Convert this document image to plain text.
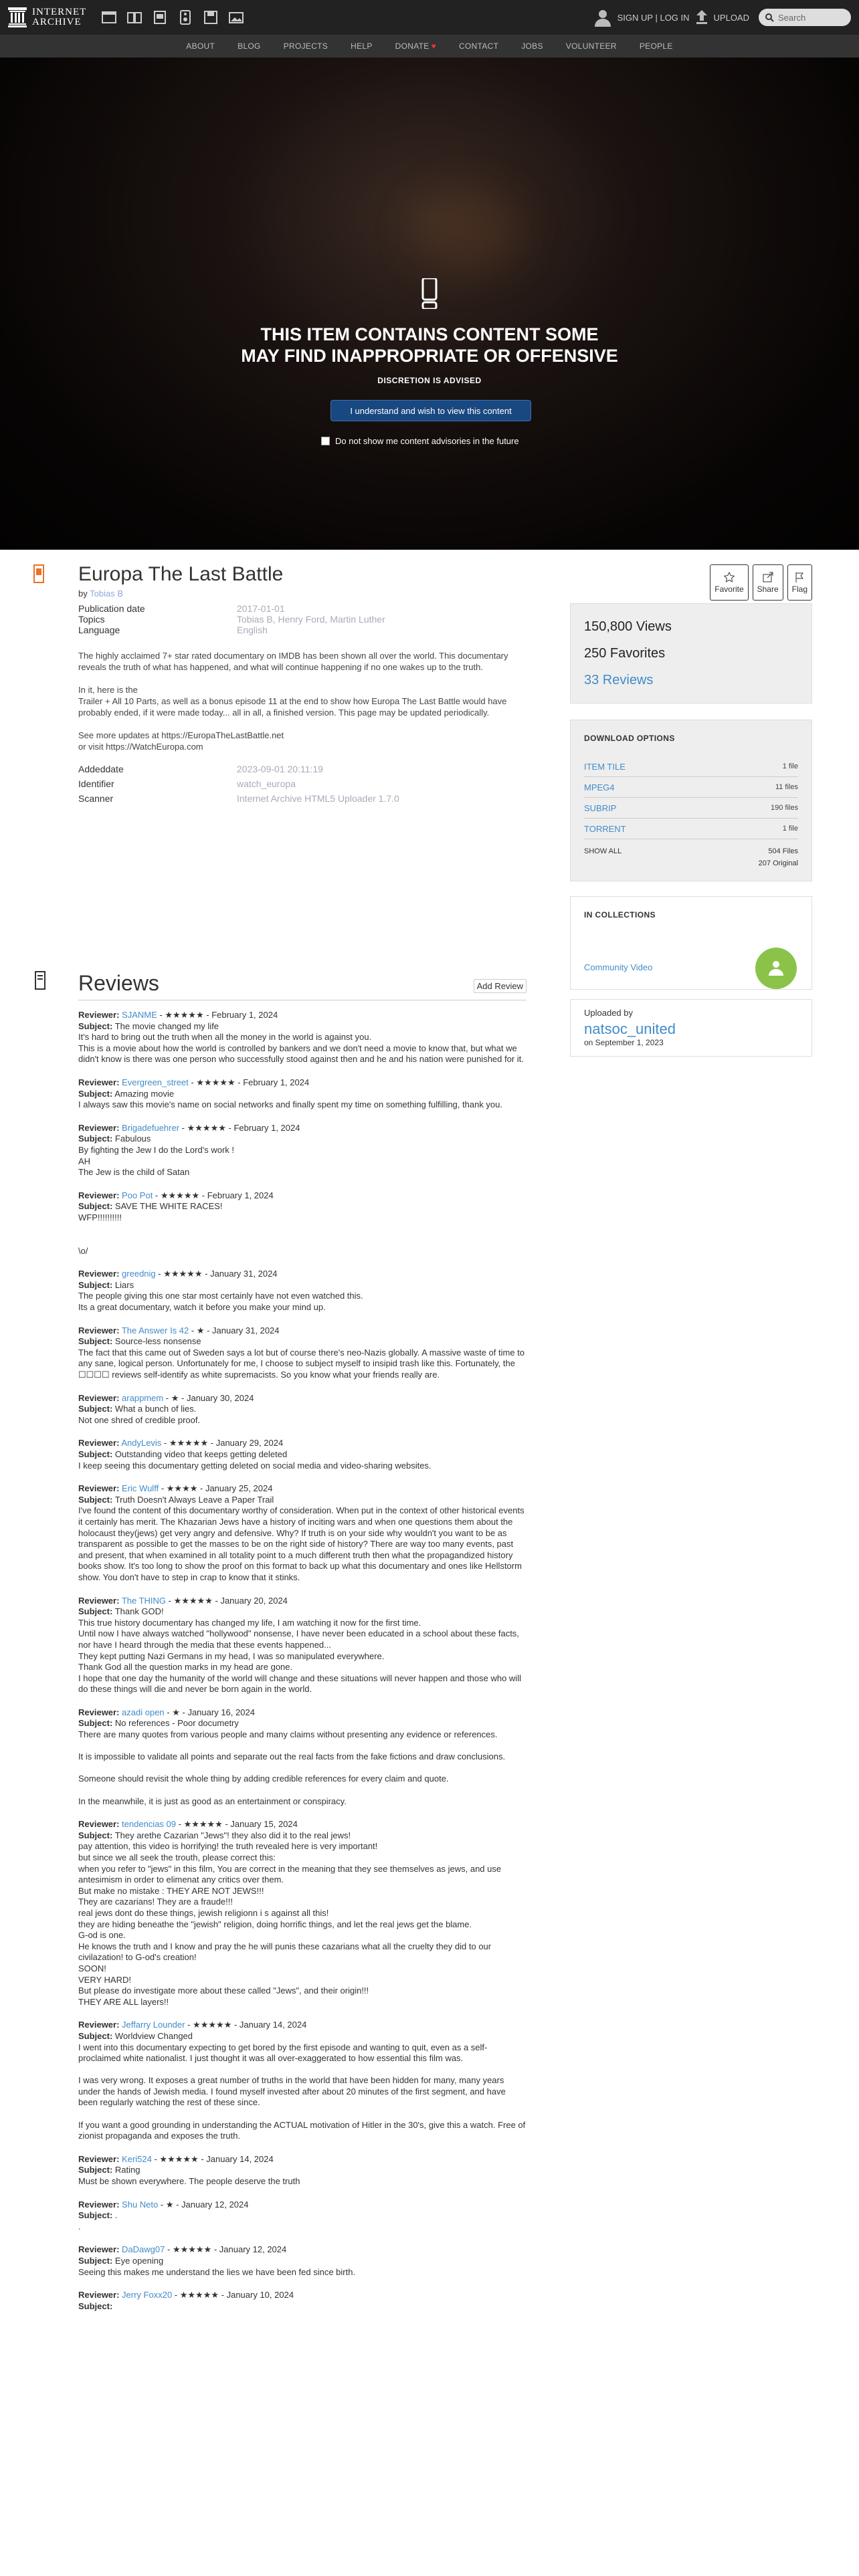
INTERNET
ARCHIVE	SIGN UP | LOG IN	UPLOAD	Search
ABOUT	BLOG	PROJECTS	HELP	DONATE ♥	CONTACT	JOBS	VOLUNTEER	PEOPLE
THIS ITEM CONTAINS CONTENT SOME
MAY FIND INAPPROPRIATE OR OFFENSIVE
DISCRETION IS ADVISED
I understand and wish to view this content
Do not show me content advisories in the future
Europa The Last Battle
by Tobias B	Favorite Share Flag
Publication date	2017-01-01
Topics	Tobias B, Henry Ford, Martin Luther
Language	English

The highly acclaimed 7+ star rated documentary on IMDB has been shown all over the world. This documentary reveals the truth of what has happened, and what will continue happening if no one wakes up to the truth.

In it, here is the
Trailer + All 10 Parts, as well as a bonus episode 11 at the end to show how Europa The Last Battle would have probably ended, if it were made today... all in all, a finished version. This page may be updated periodically.

See more updates at https://EuropaTheLastBattle.net
or visit https://WatchEuropa.com

Addeddate	2023-09-01 20:11:19
Identifier	watch_europa
Scanner	Internet Archive HTML5 Uploader 1.7.0
150,800 Views
250 Favorites
33 Reviews
DOWNLOAD OPTIONS
ITEM TILE	1 file
MPEG4	11 files
SUBRIP	190 files
TORRENT	1 file
SHOW ALL	504 Files
207 Original
IN COLLECTIONS
Community Video
Uploaded by
natsoc_united
on September 1, 2023
Reviews	Add Review
Reviewer: SJANME - ★★★★★ - February 1, 2024
Subject: The movie changed my life
It's hard to bring out the truth when all the money in the world is against you.
This is a movie about how the world is controlled by bankers and we don't need a movie to know that, but what we didn't know is there was one person who successfully stood against then and he and his nation were punished for it.
Reviewer: Evergreen_street - ★★★★★ - February 1, 2024
Subject: Amazing movie
I always saw this movie's name on social networks and finally spent my time on something fulfilling, thank you.
Reviewer: Brigadefuehrer - ★★★★★ - February 1, 2024
Subject: Fabulous
By fighting the Jew I do the Lord's work !
AH
The Jew is the child of Satan
Reviewer: Poo Pot - ★★★★★ - February 1, 2024
Subject: SAVE THE WHITE RACES!
WFP!!!!!!!!!!

\o/
Reviewer: greednig - ★★★★★ - January 31, 2024
Subject: Liars
The people giving this one star most certainly have not even watched this.
Its a great documentary, watch it before you make your mind up.
Reviewer: The Answer Is 42 - ★ - January 31, 2024
Subject: Source-less nonsense
The fact that this came out of Sweden says a lot but of course there's neo-Nazis globally. A massive waste of time to any sane, logical person. Unfortunately for me, I choose to subject myself to insipid trash like this. Fortunately, the ☐☐☐☐ reviews self-identify as white supremacists. So you know what your friends really are.
Reviewer: arappmem - ★ - January 30, 2024
Subject: What a bunch of lies.
Not one shred of credible proof.
Reviewer: AndyLevis - ★★★★★ - January 29, 2024
Subject: Outstanding video that keeps getting deleted
I keep seeing this documentary getting deleted on social media and video-sharing websites.
Reviewer: Eric Wulff - ★★★★ - January 25, 2024
Subject: Truth Doesn't Always Leave a Paper Trail
I've found the content of this documentary worthy of consideration. When put in the context of other historical events it certainly has merit. The Khazarian Jews have a history of inciting wars and when one questions them about the holocaust they(jews) get very angry and defensive. Why? If truth is on your side why wouldn't you want to be as transparent as possible to get the masses to be on the right side of history? There are way too many events, past and present, that when examined in all totality point to a much different truth then what the propagandized history books show. It's too long to show the proof on this format to back up what this documentary and ones like Hellstorm show. You don't have to step in crap to know that it stinks.
Reviewer: The THING - ★★★★★ - January 20, 2024
Subject: Thank GOD!
This true history documentary has changed my life, I am watching it now for the first time.
Until now I have always watched "hollywood" nonsense, I have never been educated in a school about these facts, nor have I heard through the media that these events happened...
They kept putting Nazi Germans in my head, I was so manipulated everywhere.
Thank God all the question marks in my head are gone.
I hope that one day the humanity of the world will change and these situations will never happen and those who will do these things will die and never be born again in the world.
Reviewer: azadi open - ★ - January 16, 2024
Subject: No references - Poor documetry
There are many quotes from various people and many claims without presenting any evidence or references.

It is impossible to validate all points and separate out the real facts from the fake fictions and draw conclusions.

Someone should revisit the whole thing by adding credible references for every claim and quote.

In the meanwhile, it is just as good as an entertainment or conspiracy.
Reviewer: tendencias 09 - ★★★★★ - January 15, 2024
Subject: They arethe Cazarian "Jews"! they also did it to the real jews!
pay attention, this video is horrifying! the truth revealed here is very important!
but since we all seek the trouth, please correct this:
when you refer to "jews" in this film, You are correct in the meaning that they see themselves as jews, and use antesimism in order to elimenat any critics over them.
But make no mistake : THEY ARE NOT JEWS!!!
They are cazarians! They are a fraude!!!
real jews dont do these things, jewish religionn i s against all this!
they are hiding beneathe the "jewish" religion, doing horrific things, and let the real jews get the blame.
G-od is one.
He knows the truth and I know and pray the he will punis these cazarians what all the cruelty they did to our civilazation! to G-od's creation!
SOON!
VERY HARD!
But please do investigate more about these called "Jews", and their origin!!!
THEY ARE ALL layers!!
Reviewer: Jeffarry Lounder - ★★★★★ - January 14, 2024
Subject: Worldview Changed
I went into this documentary expecting to get bored by the first episode and wanting to quit, even as a self-proclaimed white nationalist. I just thought it was all over-exaggerated to how essential this film was.

I was very wrong. It exposes a great number of truths in the world that have been hidden for many, many years under the hands of Jewish media. I found myself invested after about 20 minutes of the first segment, and have been regularly watching the rest of these since.

If you want a good grounding in understanding the ACTUAL motivation of Hitler in the 30's, give this a watch. Free of zionist propaganda and exposes the truth.
Reviewer: Keri524 - ★★★★★ - January 14, 2024
Subject: Rating
Must be shown everywhere. The people deserve the truth
Reviewer: Shu Neto - ★ - January 12, 2024
Subject: .
.
Reviewer: DaDawg07 - ★★★★★ - January 12, 2024
Subject: Eye opening
Seeing this makes me understand the lies we have been fed since birth.
Reviewer: Jerry Foxx20 - ★★★★★ - January 10, 2024
Subject:
